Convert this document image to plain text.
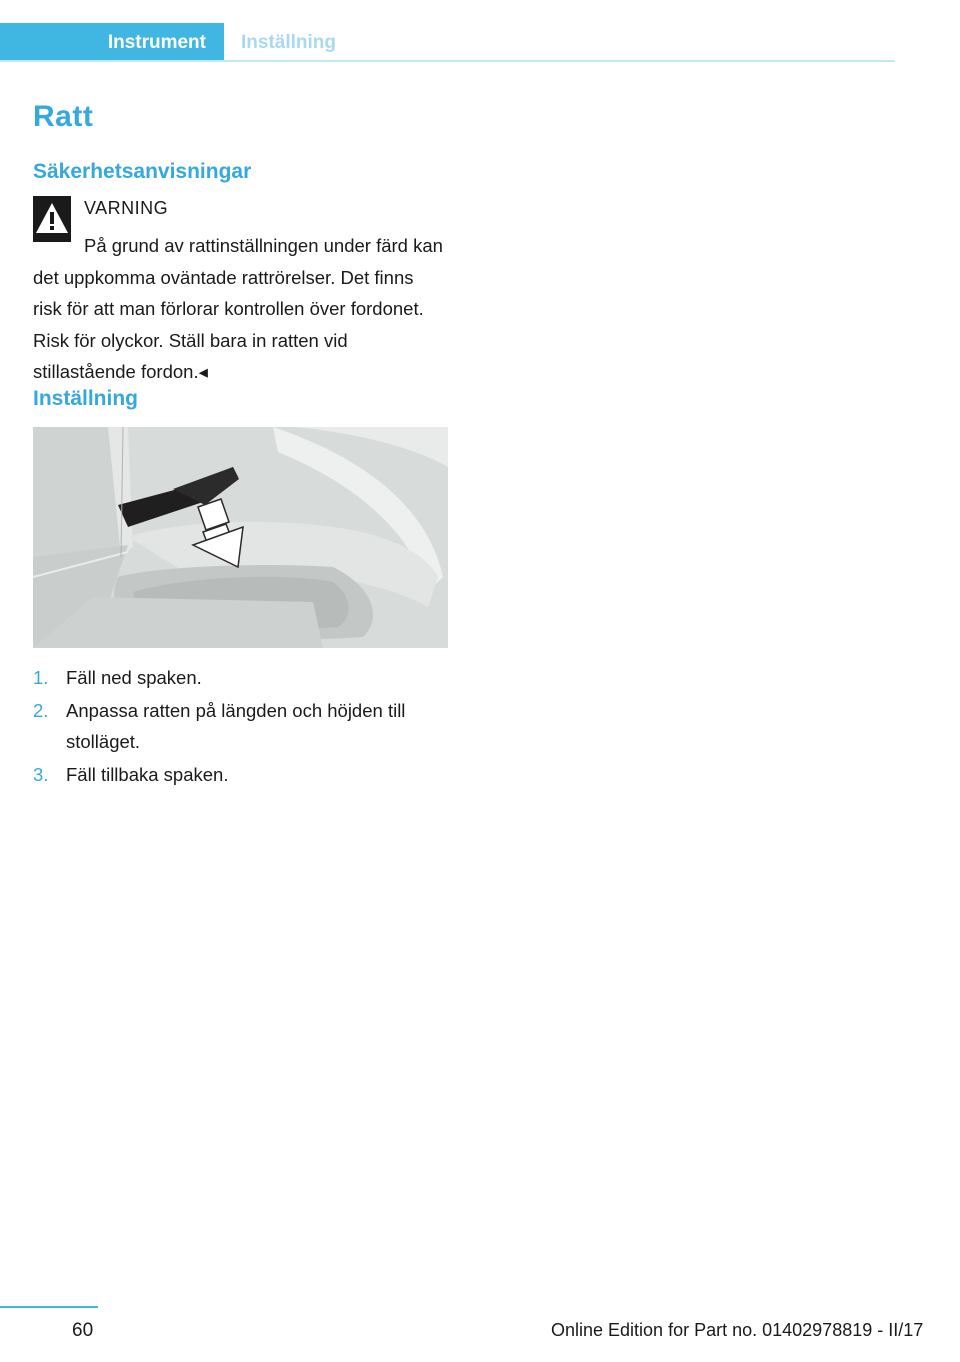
Instrument	Inställning
Ratt
Säkerhetsanvisningar
VARNING

På grund av rattinställningen under färd kan det uppkomma oväntade rattrörelser. Det finns risk för att man förlorar kontrollen över fordonet. Risk för olyckor. Ställ bara in ratten vid stillastående fordon.◂

Inställning
1. Fäll ned spaken.
2. Anpassa ratten på längden och höjden till stolläget.
3. Fäll tillbaka spaken.
60	Online Edition for Part no. 01402978819 - II/17
